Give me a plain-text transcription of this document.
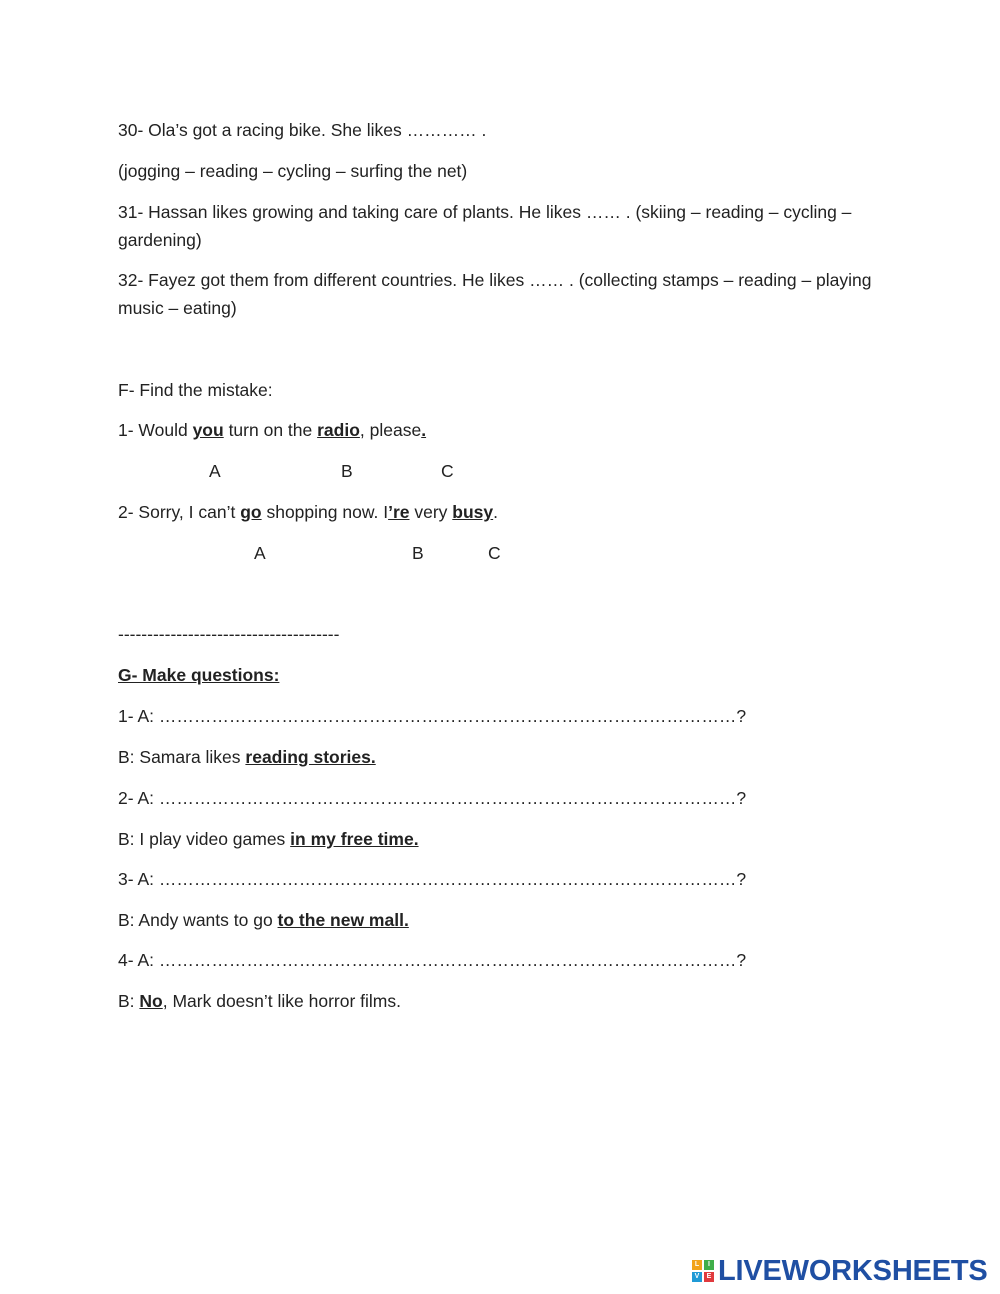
30- Ola’s got a racing bike. She likes ………… .
(jogging – reading – cycling – surfing the net)
31- Hassan likes growing and taking care of plants. He likes …… . (skiing – reading – cycling – gardening)
32- Fayez got them from different countries. He likes …… . (collecting stamps – reading – playing music – eating)
F- Find the mistake:
1- Would you turn on the radio, please.
A	B	C
2- Sorry, I can’t go shopping now. I’re very busy.
A	B	C
--------------------------------------
G- Make questions:
1- A: ………………………………………………………………………………………?
B: Samara likes reading stories.
2- A: ………………………………………………………………………………………?
B: I play video games in my free time.
3- A: ………………………………………………………………………………………?
B: Andy wants to go to the new mall.
4- A: ………………………………………………………………………………………?
B: No, Mark doesn’t like horror films.
L	I
V	E LIVEWORKSHEETS
